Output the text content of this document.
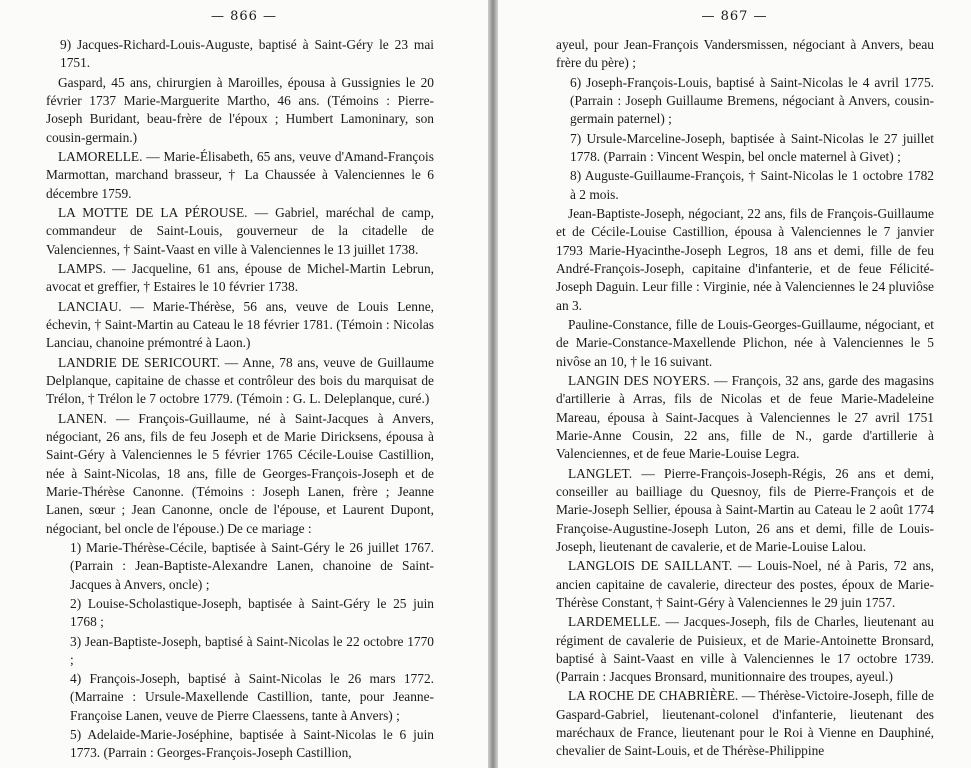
— 866 —

9) Jacques-Richard-Louis-Auguste, baptisé à Saint-Géry le 23 mai 1751.

Gaspard, 45 ans, chirurgien à Maroilles, épousa à Gussignies le 20 février 1737 Marie-Marguerite Martho, 46 ans. (Témoins : Pierre-Joseph Buridant, beau-frère de l'époux ; Humbert Lamoninary, son cousin-germain.)

LAMORELLE. — Marie-Élisabeth, 65 ans, veuve d'Amand-François Marmottan, marchand brasseur, † La Chaussée à Valenciennes le 6 décembre 1759.

LA MOTTE DE LA PÉROUSE. — Gabriel, maréchal de camp, commandeur de Saint-Louis, gouverneur de la citadelle de Valenciennes, † Saint-Vaast en ville à Valenciennes le 13 juillet 1738.

LAMPS. — Jacqueline, 61 ans, épouse de Michel-Martin Lebrun, avocat et greffier, † Estaires le 10 février 1738.

LANCIAU. — Marie-Thérèse, 56 ans, veuve de Louis Lenne, échevin, † Saint-Martin au Cateau le 18 février 1781. (Témoin : Nicolas Lanciau, chanoine prémontré à Laon.)

LANDRIE DE SERICOURT. — Anne, 78 ans, veuve de Guillaume Delplanque, capitaine de chasse et contrôleur des bois du marquisat de Trélon, † Trélon le 7 octobre 1779. (Témoin : G. L. Deleplanque, curé.)

LANEN. — François-Guillaume, né à Saint-Jacques à Anvers, négociant, 26 ans, fils de feu Joseph et de Marie Diricksens, épousa à Saint-Géry à Valenciennes le 5 février 1765 Cécile-Louise Castillion, née à Saint-Nicolas, 18 ans, fille de Georges-François-Joseph et de Marie-Thérèse Canonne. (Témoins : Joseph Lanen, frère ; Jeanne Lanen, sœur ; Jean Canonne, oncle de l'épouse, et Laurent Dupont, négociant, bel oncle de l'épouse.) De ce mariage :

1) Marie-Thérèse-Cécile, baptisée à Saint-Géry le 26 juillet 1767. (Parrain : Jean-Baptiste-Alexandre Lanen, chanoine de Saint-Jacques à Anvers, oncle) ;

2) Louise-Scholastique-Joseph, baptisée à Saint-Géry le 25 juin 1768 ;

3) Jean-Baptiste-Joseph, baptisé à Saint-Nicolas le 22 octobre 1770 ;

4) François-Joseph, baptisé à Saint-Nicolas le 26 mars 1772. (Marraine : Ursule-Maxellende Castillion, tante, pour Jeanne-Françoise Lanen, veuve de Pierre Claessens, tante à Anvers) ;

5) Adelaide-Marie-Joséphine, baptisée à Saint-Nicolas le 6 juin 1773. (Parrain : Georges-François-Joseph Castillion,

— 867 —

ayeul, pour Jean-François Vandersmissen, négociant à Anvers, beau frère du père) ;

6) Joseph-François-Louis, baptisé à Saint-Nicolas le 4 avril 1775. (Parrain : Joseph Guillaume Bremens, négociant à Anvers, cousin-germain paternel) ;

7) Ursule-Marceline-Joseph, baptisée à Saint-Nicolas le 27 juillet 1778. (Parrain : Vincent Wespin, bel oncle maternel à Givet) ;

8) Auguste-Guillaume-François, † Saint-Nicolas le 1 octobre 1782 à 2 mois.

Jean-Baptiste-Joseph, négociant, 22 ans, fils de François-Guillaume et de Cécile-Louise Castillion, épousa à Valenciennes le 7 janvier 1793 Marie-Hyacinthe-Joseph Legros, 18 ans et demi, fille de feu André-François-Joseph, capitaine d'infanterie, et de feue Félicité-Joseph Daguin. Leur fille : Virginie, née à Valenciennes le 24 pluviôse an 3.

Pauline-Constance, fille de Louis-Georges-Guillaume, négociant, et de Marie-Constance-Maxellende Plichon, née à Valenciennes le 5 nivôse an 10, † le 16 suivant.

LANGIN DES NOYERS. — François, 32 ans, garde des magasins d'artillerie à Arras, fils de Nicolas et de feue Marie-Madeleine Mareau, épousa à Saint-Jacques à Valenciennes le 27 avril 1751 Marie-Anne Cousin, 22 ans, fille de N., garde d'artillerie à Valenciennes, et de feue Marie-Louise Legra.

LANGLET. — Pierre-François-Joseph-Régis, 26 ans et demi, conseiller au bailliage du Quesnoy, fils de Pierre-François et de Marie-Joseph Sellier, épousa à Saint-Martin au Cateau le 2 août 1774 Françoise-Augustine-Joseph Luton, 26 ans et demi, fille de Louis-Joseph, lieutenant de cavalerie, et de Marie-Louise Lalou.

LANGLOIS DE SAILLANT. — Louis-Noel, né à Paris, 72 ans, ancien capitaine de cavalerie, directeur des postes, époux de Marie-Thérèse Constant, † Saint-Géry à Valenciennes le 29 juin 1757.

LARDEMELLE. — Jacques-Joseph, fils de Charles, lieutenant au régiment de cavalerie de Puisieux, et de Marie-Antoinette Bronsard, baptisé à Saint-Vaast en ville à Valenciennes le 17 octobre 1739. (Parrain : Jacques Bronsard, munitionnaire des troupes, ayeul.)

LA ROCHE DE CHABRIÈRE. — Thérèse-Victoire-Joseph, fille de Gaspard-Gabriel, lieutenant-colonel d'infanterie, lieutenant des maréchaux de France, lieutenant pour le Roi à Vienne en Dauphiné, chevalier de Saint-Louis, et de Thérèse-Philippine
